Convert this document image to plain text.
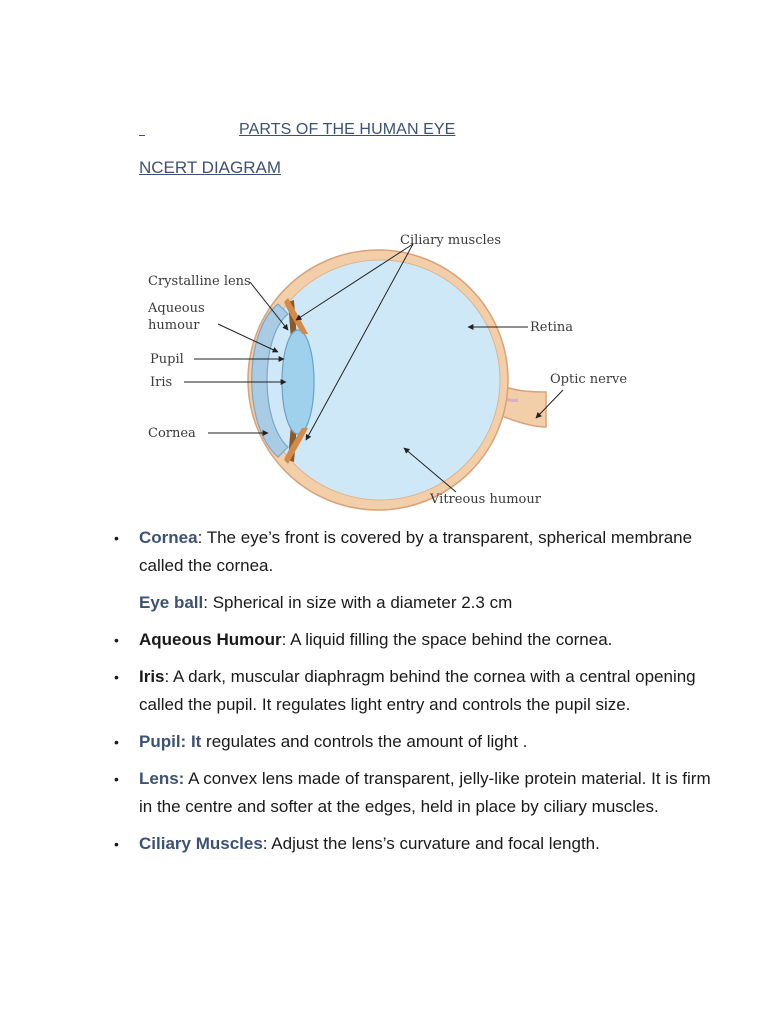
PARTS OF THE HUMAN EYE
NCERT DIAGRAM
Ciliary muscles
Crystalline lens
Aqueous
humour
Pupil
Iris
Cornea
Retina
Optic nerve
Vitreous humour
• Cornea: The eye’s front is covered by a transparent, spherical membrane called the cornea.
Eye ball: Spherical in size with a diameter 2.3 cm
• Aqueous Humour: A liquid filling the space behind the cornea.
• Iris: A dark, muscular diaphragm behind the cornea with a central opening called the pupil. It regulates light entry and controls the pupil size.
• Pupil: It regulates and controls the amount of light .
• Lens: A convex lens made of transparent, jelly-like protein material. It is firm in the centre and softer at the edges, held in place by ciliary muscles.
• Ciliary Muscles: Adjust the lens’s curvature and focal length.
